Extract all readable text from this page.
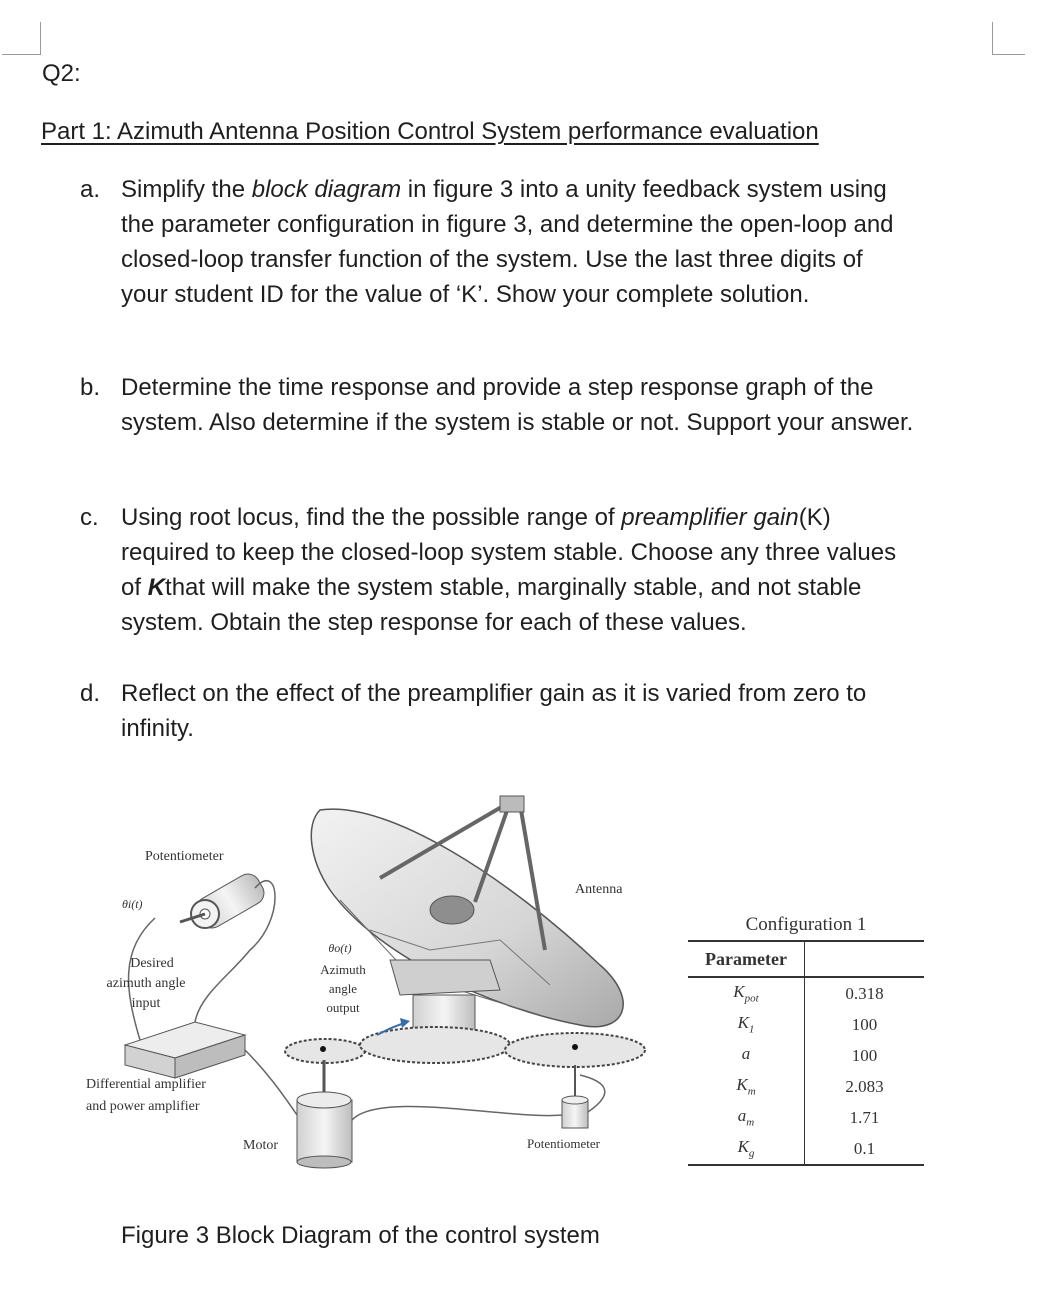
Q2:
Part 1: Azimuth Antenna Position Control System performance evaluation
a. Simplify the block diagram in figure 3 into a unity feedback system using
the parameter configuration in figure 3, and determine the open-loop and
closed-loop transfer function of the system. Use the last three digits of
your student ID for the value of ‘K’. Show your complete solution.
b. Determine the time response and provide a step response graph of the
system. Also determine if the system is stable or not. Support your answer.
c. Using root locus, find the the possible range of preamplifier gain(K)
required to keep the closed-loop system stable. Choose any three values
of Kthat will make the system stable, marginally stable, and not stable
system. Obtain the step response for each of these values.
d. Reflect on the effect of the preamplifier gain as it is varied from zero to
infinity.
Potentiometer
θi(t)
Desired
azimuth angle
input
θo(t)
Azimuth
angle
output
Antenna
Differential amplifier
and power amplifier
Motor	Potentiometer
Configuration 1
Parameter	
$K_{pot}$	0.318
$K_1$	100
a	100
$K_m$	2.083
$a_m$	1.71
$K_g$	0.1
Figure 3 Block Diagram of the control system
